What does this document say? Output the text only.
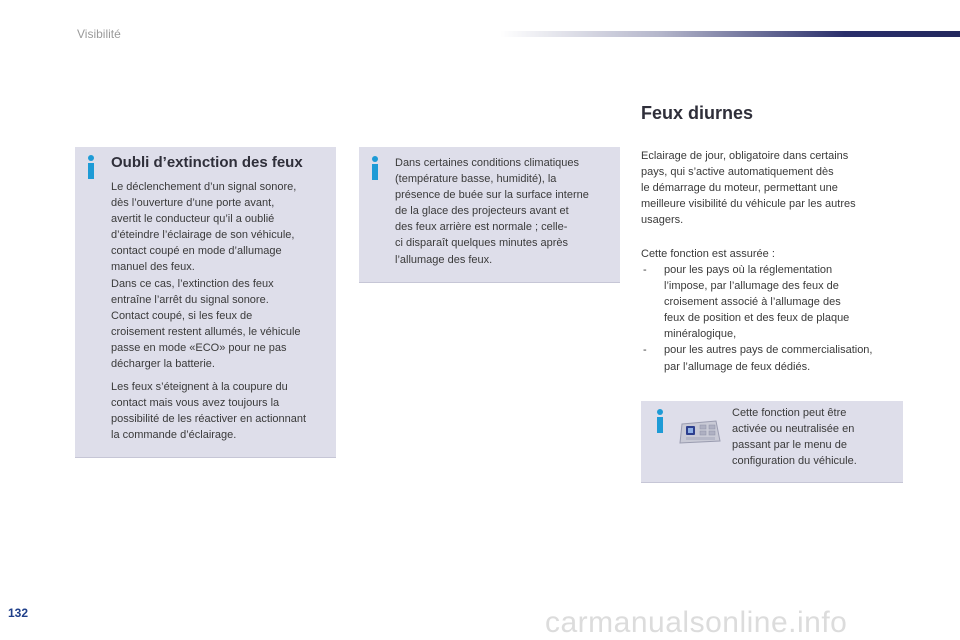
Visibilité
Oubli d’extinction des feux
Le déclenchement d’un signal sonore,
dès l’ouverture d’une porte avant,
avertit le conducteur qu’il a oublié
d’éteindre l’éclairage de son véhicule,
contact coupé en mode d’allumage
manuel des feux.
Dans ce cas, l’extinction des feux
entraîne l’arrêt du signal sonore.
Contact coupé, si les feux de
croisement restent allumés, le véhicule
passe en mode «ECO» pour ne pas
décharger la batterie.
Les feux s’éteignent à la coupure du
contact mais vous avez toujours la
possibilité de les réactiver en actionnant
la commande d’éclairage.
Dans certaines conditions climatiques
(température basse, humidité), la
présence de buée sur la surface interne
de la glace des projecteurs avant et
des feux arrière est normale ; celle-
ci disparaît quelques minutes après
l’allumage des feux.
Feux diurnes
Eclairage de jour, obligatoire dans certains
pays, qui s’active automatiquement dès
le démarrage du moteur, permettant une
meilleure visibilité du véhicule par les autres
usagers.
Cette fonction est assurée :
- pour les pays où la réglementation
l’impose, par l’allumage des feux de
croisement associé à l’allumage des
feux de position et des feux de plaque
minéralogique,
- pour les autres pays de commercialisation,
par l’allumage de feux dédiés.
Cette fonction peut être
activée ou neutralisée en
passant par le menu de
configuration du véhicule.
132	carmanualsonline.info
